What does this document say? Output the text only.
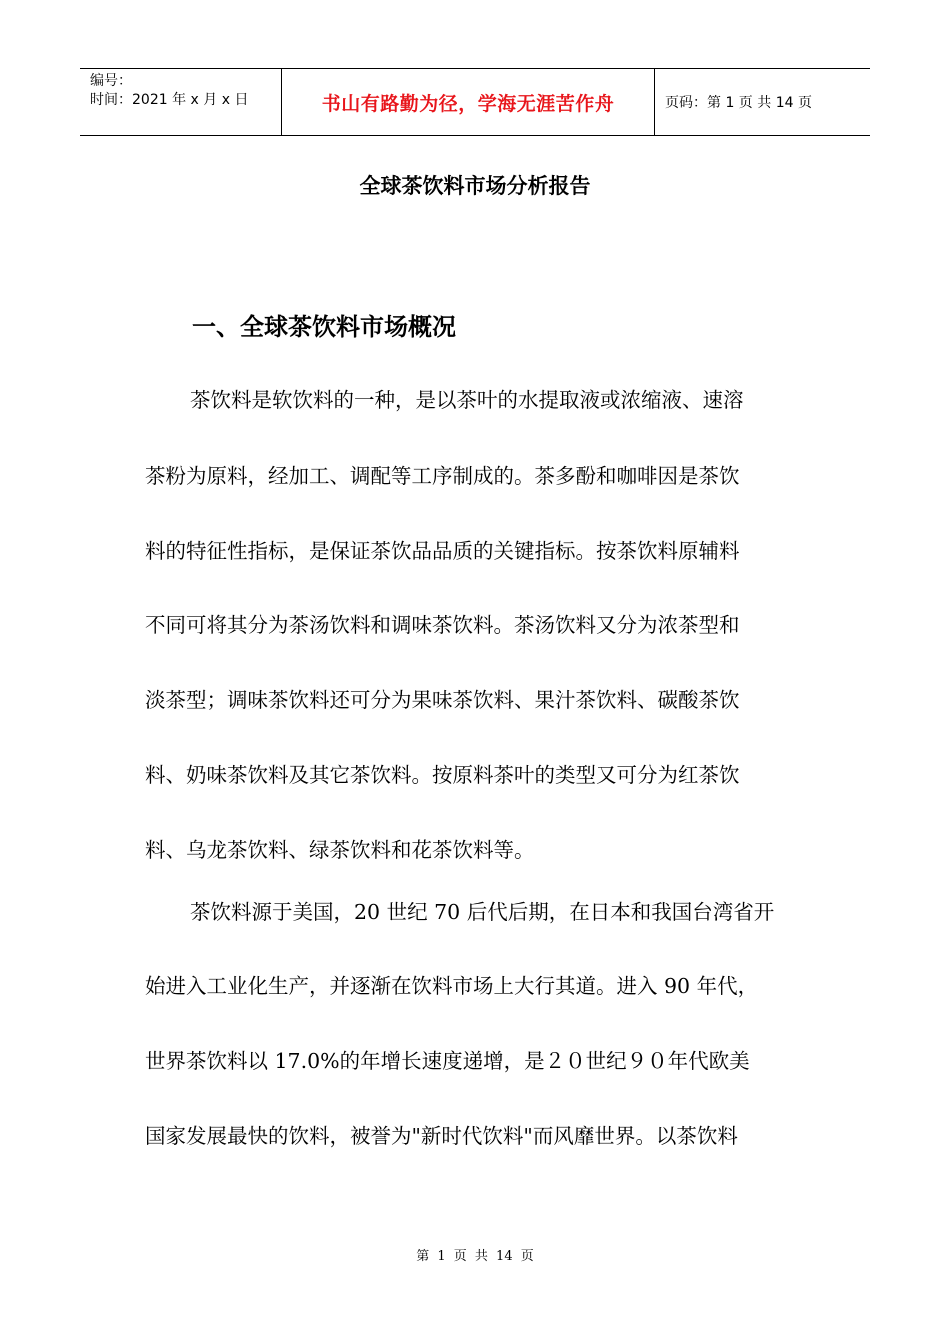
编号：
时间：2021 年 x 月 x 日	书山有路勤为径，学海无涯苦作舟	页码：第 1 页 共 14 页
全球茶饮料市场分析报告
一、全球茶饮料市场概况
茶饮料是软饮料的一种，是以茶叶的水提取液或浓缩液、速溶
茶粉为原料，经加工、调配等工序制成的。茶多酚和咖啡因是茶饮
料的特征性指标，是保证茶饮品品质的关键指标。按茶饮料原辅料
不同可将其分为茶汤饮料和调味茶饮料。茶汤饮料又分为浓茶型和
淡茶型；调味茶饮料还可分为果味茶饮料、果汁茶饮料、碳酸茶饮
料、奶味茶饮料及其它茶饮料。按原料茶叶的类型又可分为红茶饮
料、乌龙茶饮料、绿茶饮料和花茶饮料等。
茶饮料源于美国，20 世纪 70 后代后期，在日本和我国台湾省开
始进入工业化生产，并逐渐在饮料市场上大行其道。进入 90 年代，
世界茶饮料以 17.0%的年增长速度递增，是２０世纪９０年代欧美
国家发展最快的饮料，被誉为"新时代饮料"而风靡世界。以茶饮料
第 1 页 共 14 页
